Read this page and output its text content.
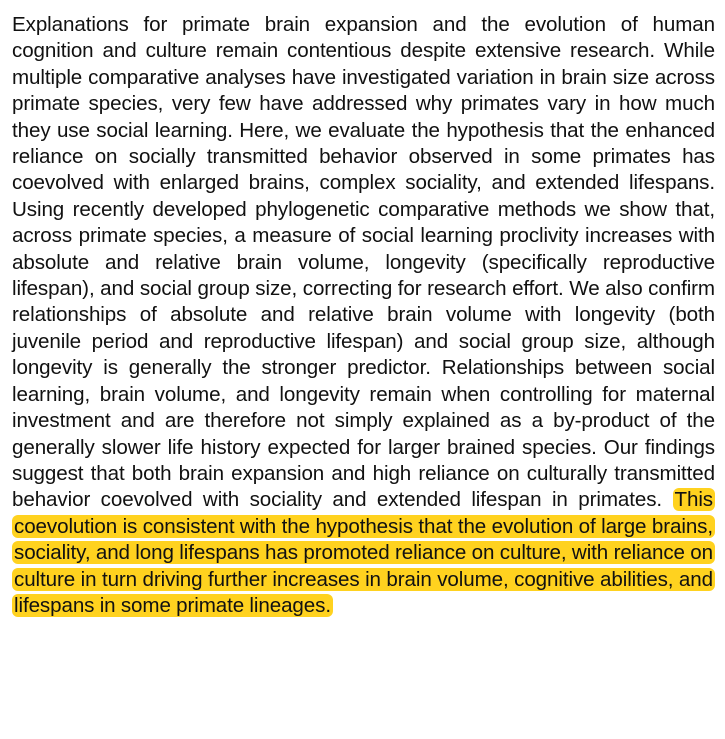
Explanations for primate brain expansion and the evolution of human cognition and culture remain contentious despite extensive research. While multiple comparative analyses have investigated variation in brain size across primate species, very few have addressed why primates vary in how much they use social learning. Here, we evaluate the hypothesis that the enhanced reliance on socially transmitted behavior observed in some primates has coevolved with enlarged brains, complex sociality, and extended lifespans. Using recently developed phylogenetic comparative methods we show that, across primate species, a measure of social learning proclivity increases with absolute and relative brain volume, longevity (specifically reproductive lifespan), and social group size, correcting for research effort. We also confirm relationships of absolute and relative brain volume with longevity (both juvenile period and reproductive lifespan) and social group size, although longevity is generally the stronger predictor. Relationships between social learning, brain volume, and longevity remain when controlling for maternal investment and are therefore not simply explained as a by-product of the generally slower life history expected for larger brained species. Our findings suggest that both brain expansion and high reliance on culturally transmitted behavior coevolved with sociality and extended lifespan in primates. This coevolution is consistent with the hypothesis that the evolution of large brains, sociality, and long lifespans has promoted reliance on culture, with reliance on culture in turn driving further increases in brain volume, cognitive abilities, and lifespans in some primate lineages.
